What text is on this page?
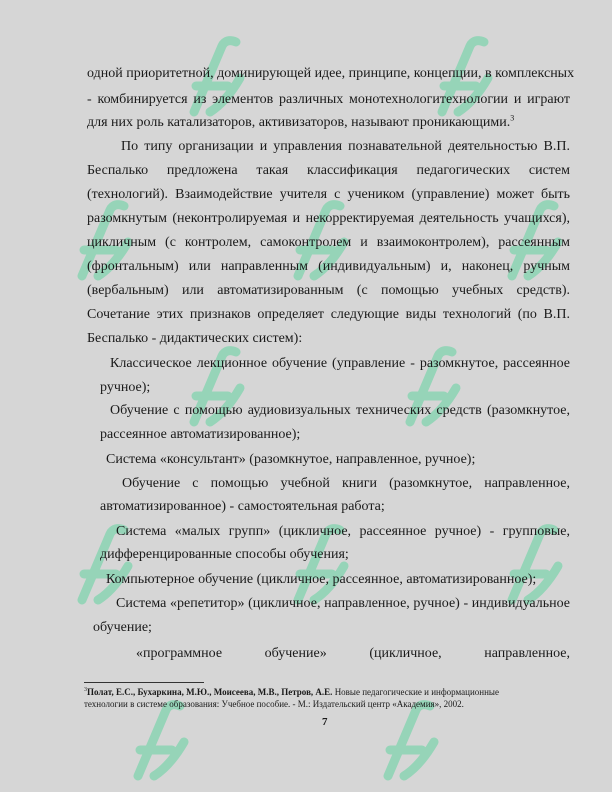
одной приоритетной, доминирующей идее, принципе, концепции, в комплексных
- комбинируется из элементов различных монотехнологитехнологии и играют
для них роль катализаторов, активизаторов, называют проникающими.$^3$
По типу организации и управления познавательной деятельностью В.П.
Беспалько предложена такая классификация педагогических систем
(технологий). Взаимодействие учителя с учеником (управление) может быть
разомкнутым (неконтролируемая и некорректируемая деятельность учащихся),
цикличным (с контролем, самоконтролем и взаимоконтролем), рассеянным
(фронтальным) или направленным (индивидуальным) и, наконец, ручным
(вербальным) или автоматизированным (с помощью учебных средств).
Сочетание этих признаков определяет следующие виды технологий (по В.П.
Беспалько - дидактических систем):
Классическое лекционное обучение (управление - разомкнутое, рассеянное
ручное);
Обучение с помощью аудиовизуальных технических средств (разомкнутое,
рассеянное автоматизированное);
Система «консультант» (разомкнутое, направленное, ручное);
Обучение с помощью учебной книги (разомкнутое, направленное,
автоматизированное) - самостоятельная работа;
Система «малых групп» (цикличное, рассеянное ручное) - групповые,
дифференцированные способы обучения;
Компьютерное обучение (цикличное, рассеянное, автоматизированное);
Система «репетитор» (цикличное, направленное, ручное) - индивидуальное
обучение;
«программное обучение» (цикличное, направленное,
$^3$Полат, Е.С., Бухаркина, М.Ю., Моисеева, М.В., Петров, А.Е. Новые педагогические и информационные
технологии в системе образования: Учебное пособие. - М.: Издательский центр «Академия», 2002.
7
